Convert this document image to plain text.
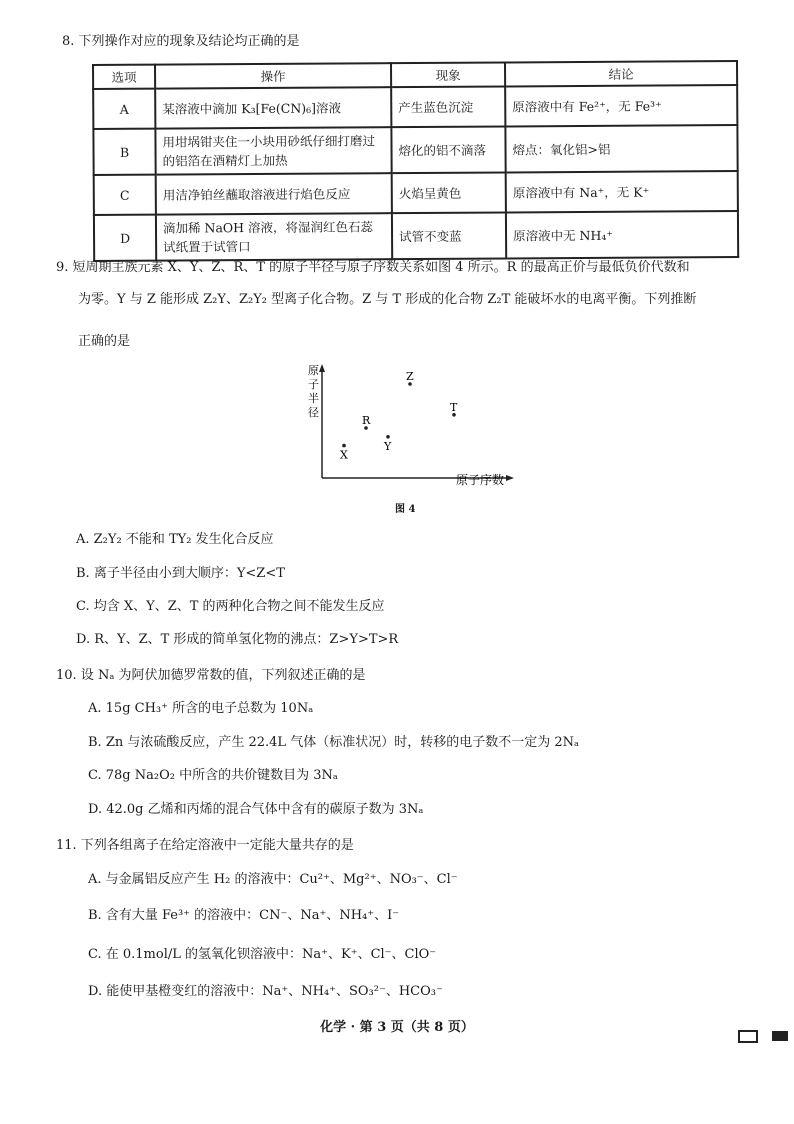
8. 下列操作对应的现象及结论均正确的是
选项	操作	现象	结论
A	某溶液中滴加 K₃[Fe(CN)₆]溶液	产生蓝色沉淀	原溶液中有 Fe²⁺，无 Fe³⁺
B	用坩埚钳夹住一小块用砂纸仔细打磨过的铝箔在酒精灯上加热	熔化的铝不滴落	熔点：氧化铝>铝
C	用洁净铂丝蘸取溶液进行焰色反应	火焰呈黄色	原溶液中有 Na⁺，无 K⁺
D	滴加稀 NaOH 溶液，将湿润红色石蕊试纸置于试管口	试管不变蓝	原溶液中无 NH₄⁺
9. 短周期主族元素 X、Y、Z、R、T 的原子半径与原子序数关系如图 4 所示。R 的最高正价与最低负价代数和
为零。Y 与 Z 能形成 Z₂Y、Z₂Y₂ 型离子化合物。Z 与 T 形成的化合物 Z₂T 能破坏水的电离平衡。下列推断
正确的是
原
子
半
径
原子序数
X
R
Y
Z
T
图 4
A. Z₂Y₂ 不能和 TY₂ 发生化合反应
B. 离子半径由小到大顺序：Y<Z<T
C. 均含 X、Y、Z、T 的两种化合物之间不能发生反应
D. R、Y、Z、T 形成的简单氢化物的沸点：Z>Y>T>R
10. 设 Nₐ 为阿伏加德罗常数的值，下列叙述正确的是
A. 15g CH₃⁺ 所含的电子总数为 10Nₐ
B. Zn 与浓硫酸反应，产生 22.4L 气体（标准状况）时，转移的电子数不一定为 2Nₐ
C. 78g Na₂O₂ 中所含的共价键数目为 3Nₐ
D. 42.0g 乙烯和丙烯的混合气体中含有的碳原子数为 3Nₐ
11. 下列各组离子在给定溶液中一定能大量共存的是
A. 与金属铝反应产生 H₂ 的溶液中：Cu²⁺、Mg²⁺、NO₃⁻、Cl⁻
B. 含有大量 Fe³⁺ 的溶液中：CN⁻、Na⁺、NH₄⁺、I⁻
C. 在 0.1mol/L 的氢氧化钡溶液中：Na⁺、K⁺、Cl⁻、ClO⁻
D. 能使甲基橙变红的溶液中：Na⁺、NH₄⁺、SO₃²⁻、HCO₃⁻
化学 · 第 3 页（共 8 页）
